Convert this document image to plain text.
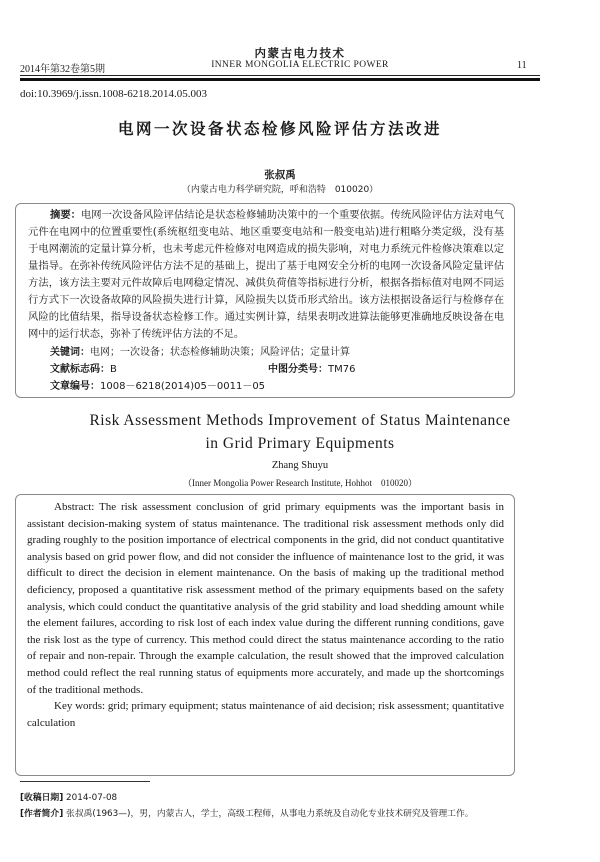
内蒙古电力技术
2014年第32卷第5期	INNER MONGOLIA ELECTRIC POWER	11
doi:10.3969/j.issn.1008-6218.2014.05.003
电网一次设备状态检修风险评估方法改进
张叔禹
（内蒙古电力科学研究院，呼和浩特　010020）
摘要：电网一次设备风险评估结论是状态检修辅助决策中的一个重要依据。传统风险评估方法对电气元件在电网中的位置重要性(系统枢纽变电站、地区重要变电站和一般变电站)进行粗略分类定级，没有基于电网潮流的定量计算分析，也未考虑元件检修对电网造成的损失影响，对电力系统元件检修决策难以定量指导。在弥补传统风险评估方法不足的基础上，提出了基于电网安全分析的电网一次设备风险定量评估方法，该方法主要对元件故障后电网稳定情况、减供负荷值等指标进行分析，根据各指标值对电网不同运行方式下一次设备故障的风险损失进行计算，风险损失以货币形式给出。该方法根据设备运行与检修存在风险的比值结果，指导设备状态检修工作。通过实例计算，结果表明改进算法能够更准确地反映设备在电网中的运行状态，弥补了传统评估方法的不足。
关键词：电网；一次设备；状态检修辅助决策；风险评估；定量计算
文献标志码：B	中图分类号：TM76
文章编号：1008－6218(2014)05－0011－05
Risk Assessment Methods Improvement of Status Maintenance
in Grid Primary Equipments
Zhang Shuyu
（Inner Mongolia Power Research Institute, Hohhot　010020）

Abstract: The risk assessment conclusion of grid primary equipments was the important basis in assistant decision-making system of status maintenance. The traditional risk assessment methods only did grading roughly to the position importance of electrical components in the grid, did not conduct quantitative analysis based on grid power flow, and did not consider the influence of maintenance lost to the grid, it was difficult to direct the decision in element maintenance. On the basis of making up the traditional method deficiency, proposed a quantitative risk assessment method of the primary equipments based on the safety analysis, which could conduct the quantitative analysis of the grid stability and load shedding amount while the element failures, according to risk lost of each index value during the different running conditions, gave the risk lost as the type of currency. This method could direct the status maintenance according to the ratio of repair and non-repair. Through the example calculation, the result showed that the improved calculation method could reflect the real running status of equipments more accurately, and made up the shortcomings of the traditional methods.

Key words: grid; primary equipment; status maintenance of aid decision; risk assessment; quantitative calculation

[收稿日期] 2014-07-08
[作者简介] 张叔禹(1963—)，男，内蒙古人，学士，高级工程师，从事电力系统及自动化专业技术研究及管理工作。
